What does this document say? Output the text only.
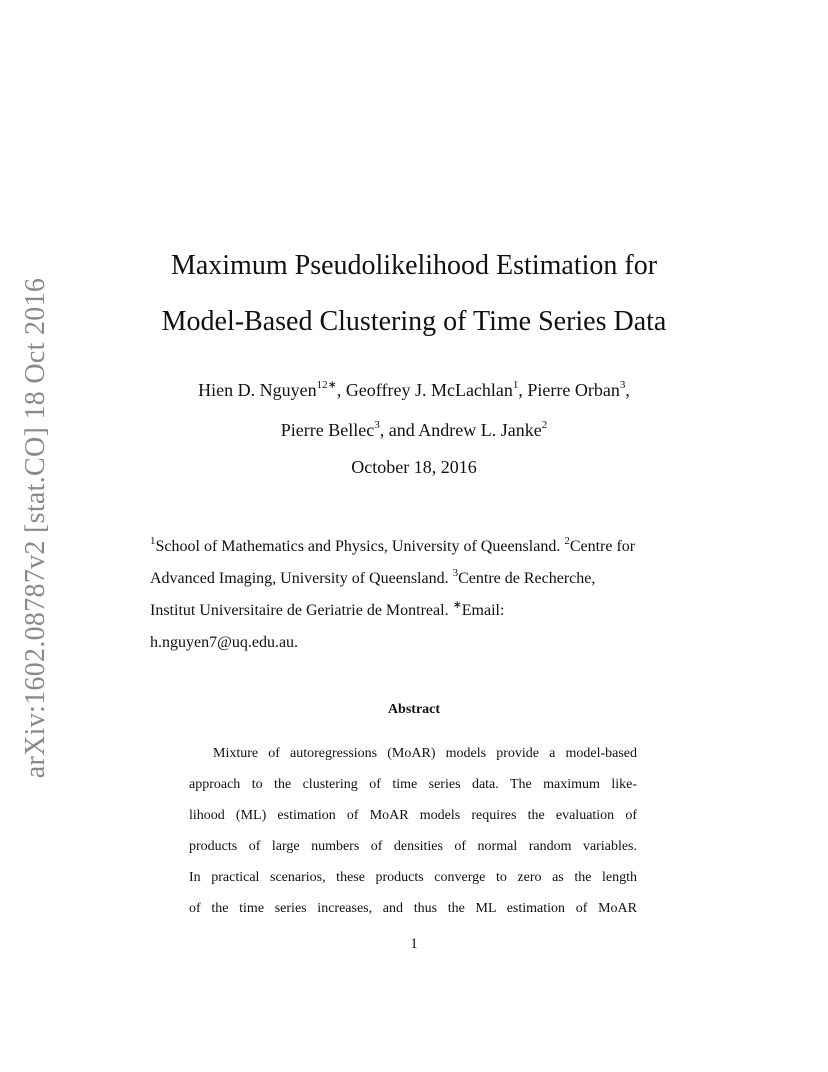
arXiv:1602.08787v2 [stat.CO] 18 Oct 2016
Maximum Pseudolikelihood Estimation for
Model-Based Clustering of Time Series Data
Hien D. Nguyen$^{12∗}$, Geoffrey J. McLachlan$^1$, Pierre Orban$^3$,
Pierre Bellec$^3$, and Andrew L. Janke$^2$
October 18, 2016
$^1$School of Mathematics and Physics, University of Queensland. $^2$Centre for
Advanced Imaging, University of Queensland. $^3$Centre de Recherche,
Institut Universitaire de Geriatrie de Montreal. ∗Email:
h.nguyen7@uq.edu.au.
Abstract
Mixture of autoregressions (MoAR) models provide a model-based
approach to the clustering of time series data. The maximum like-
lihood (ML) estimation of MoAR models requires the evaluation of
products of large numbers of densities of normal random variables.
In practical scenarios, these products converge to zero as the length
of the time series increases, and thus the ML estimation of MoAR
1
